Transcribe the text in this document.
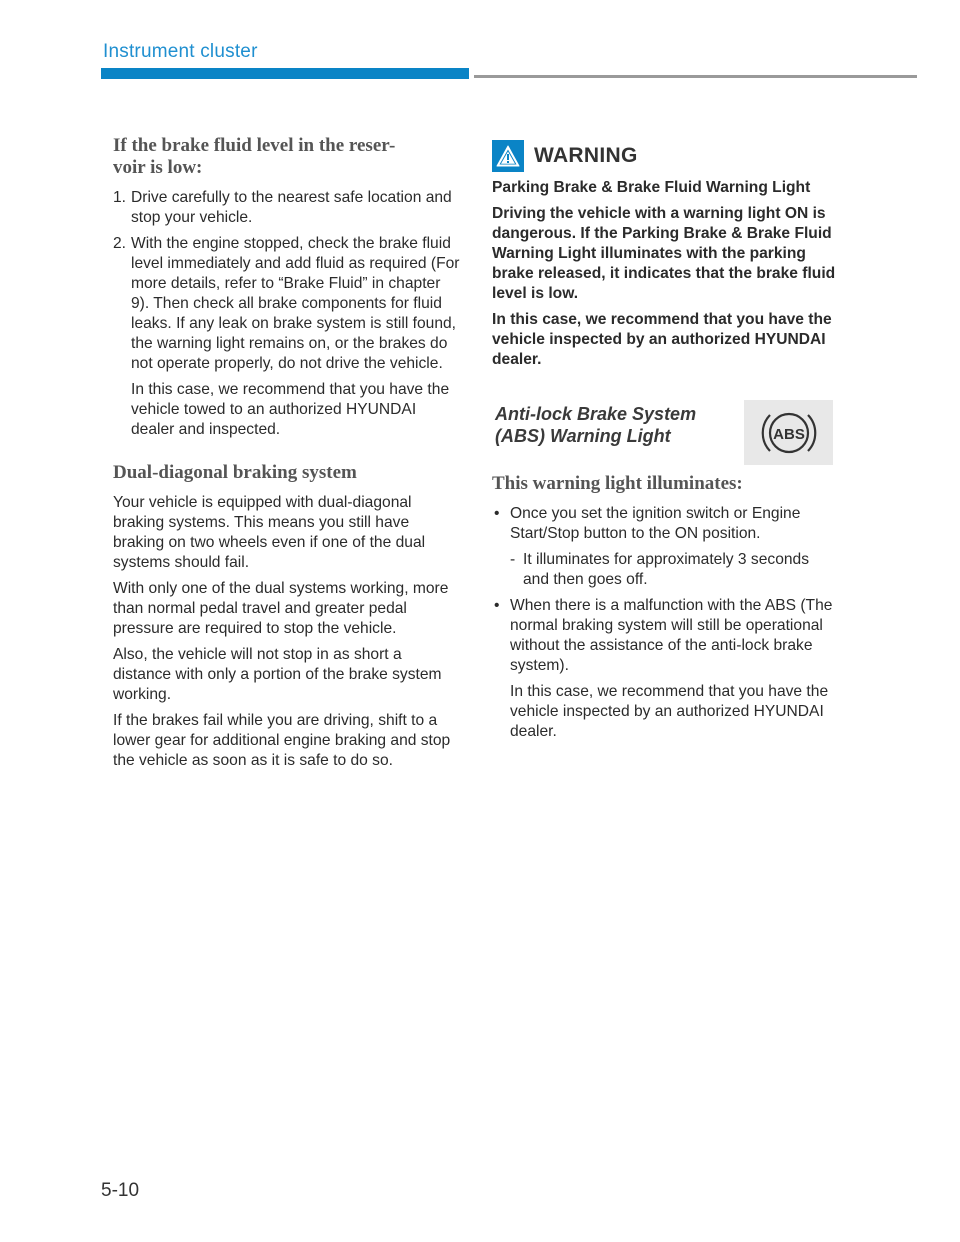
Instrument cluster
If the brake fluid level in the reser-
voir is low:
1. Drive carefully to the nearest safe location and stop your vehicle.
2. With the engine stopped, check the brake fluid level immediately and add fluid as required (For more details, refer to “Brake Fluid” in chapter 9). Then check all brake components for fluid leaks. If any leak on brake system is still found, the warning light remains on, or the brakes do not operate properly, do not drive the vehicle.
In this case, we recommend that you have the vehicle towed to an authorized HYUNDAI dealer and inspected.
Dual-diagonal braking system

Your vehicle is equipped with dual-diagonal braking systems. This means you still have braking on two wheels even if one of the dual systems should fail.

With only one of the dual systems working, more than normal pedal travel and greater pedal pressure are required to stop the vehicle.

Also, the vehicle will not stop in as short a distance with only a portion of the brake system working.

If the brakes fail while you are driving, shift to a lower gear for additional engine braking and stop the vehicle as soon as it is safe to do so.

WARNING

Parking Brake & Brake Fluid Warning Light

Driving the vehicle with a warning light ON is dangerous. If the Parking Brake & Brake Fluid Warning Light illuminates with the parking brake released, it indicates that the brake fluid level is low.

In this case, we recommend that you have the vehicle inspected by an authorized HYUNDAI dealer.

Anti-lock Brake System
(ABS) Warning Light	ABS
This warning light illuminates:
• Once you set the ignition switch or Engine Start/Stop button to the ON position.
- It illuminates for approximately 3 seconds and then goes off.
• When there is a malfunction with the ABS (The normal braking system will still be operational without the assistance of the anti-lock brake system).
In this case, we recommend that you have the vehicle inspected by an authorized HYUNDAI dealer.
5-10
